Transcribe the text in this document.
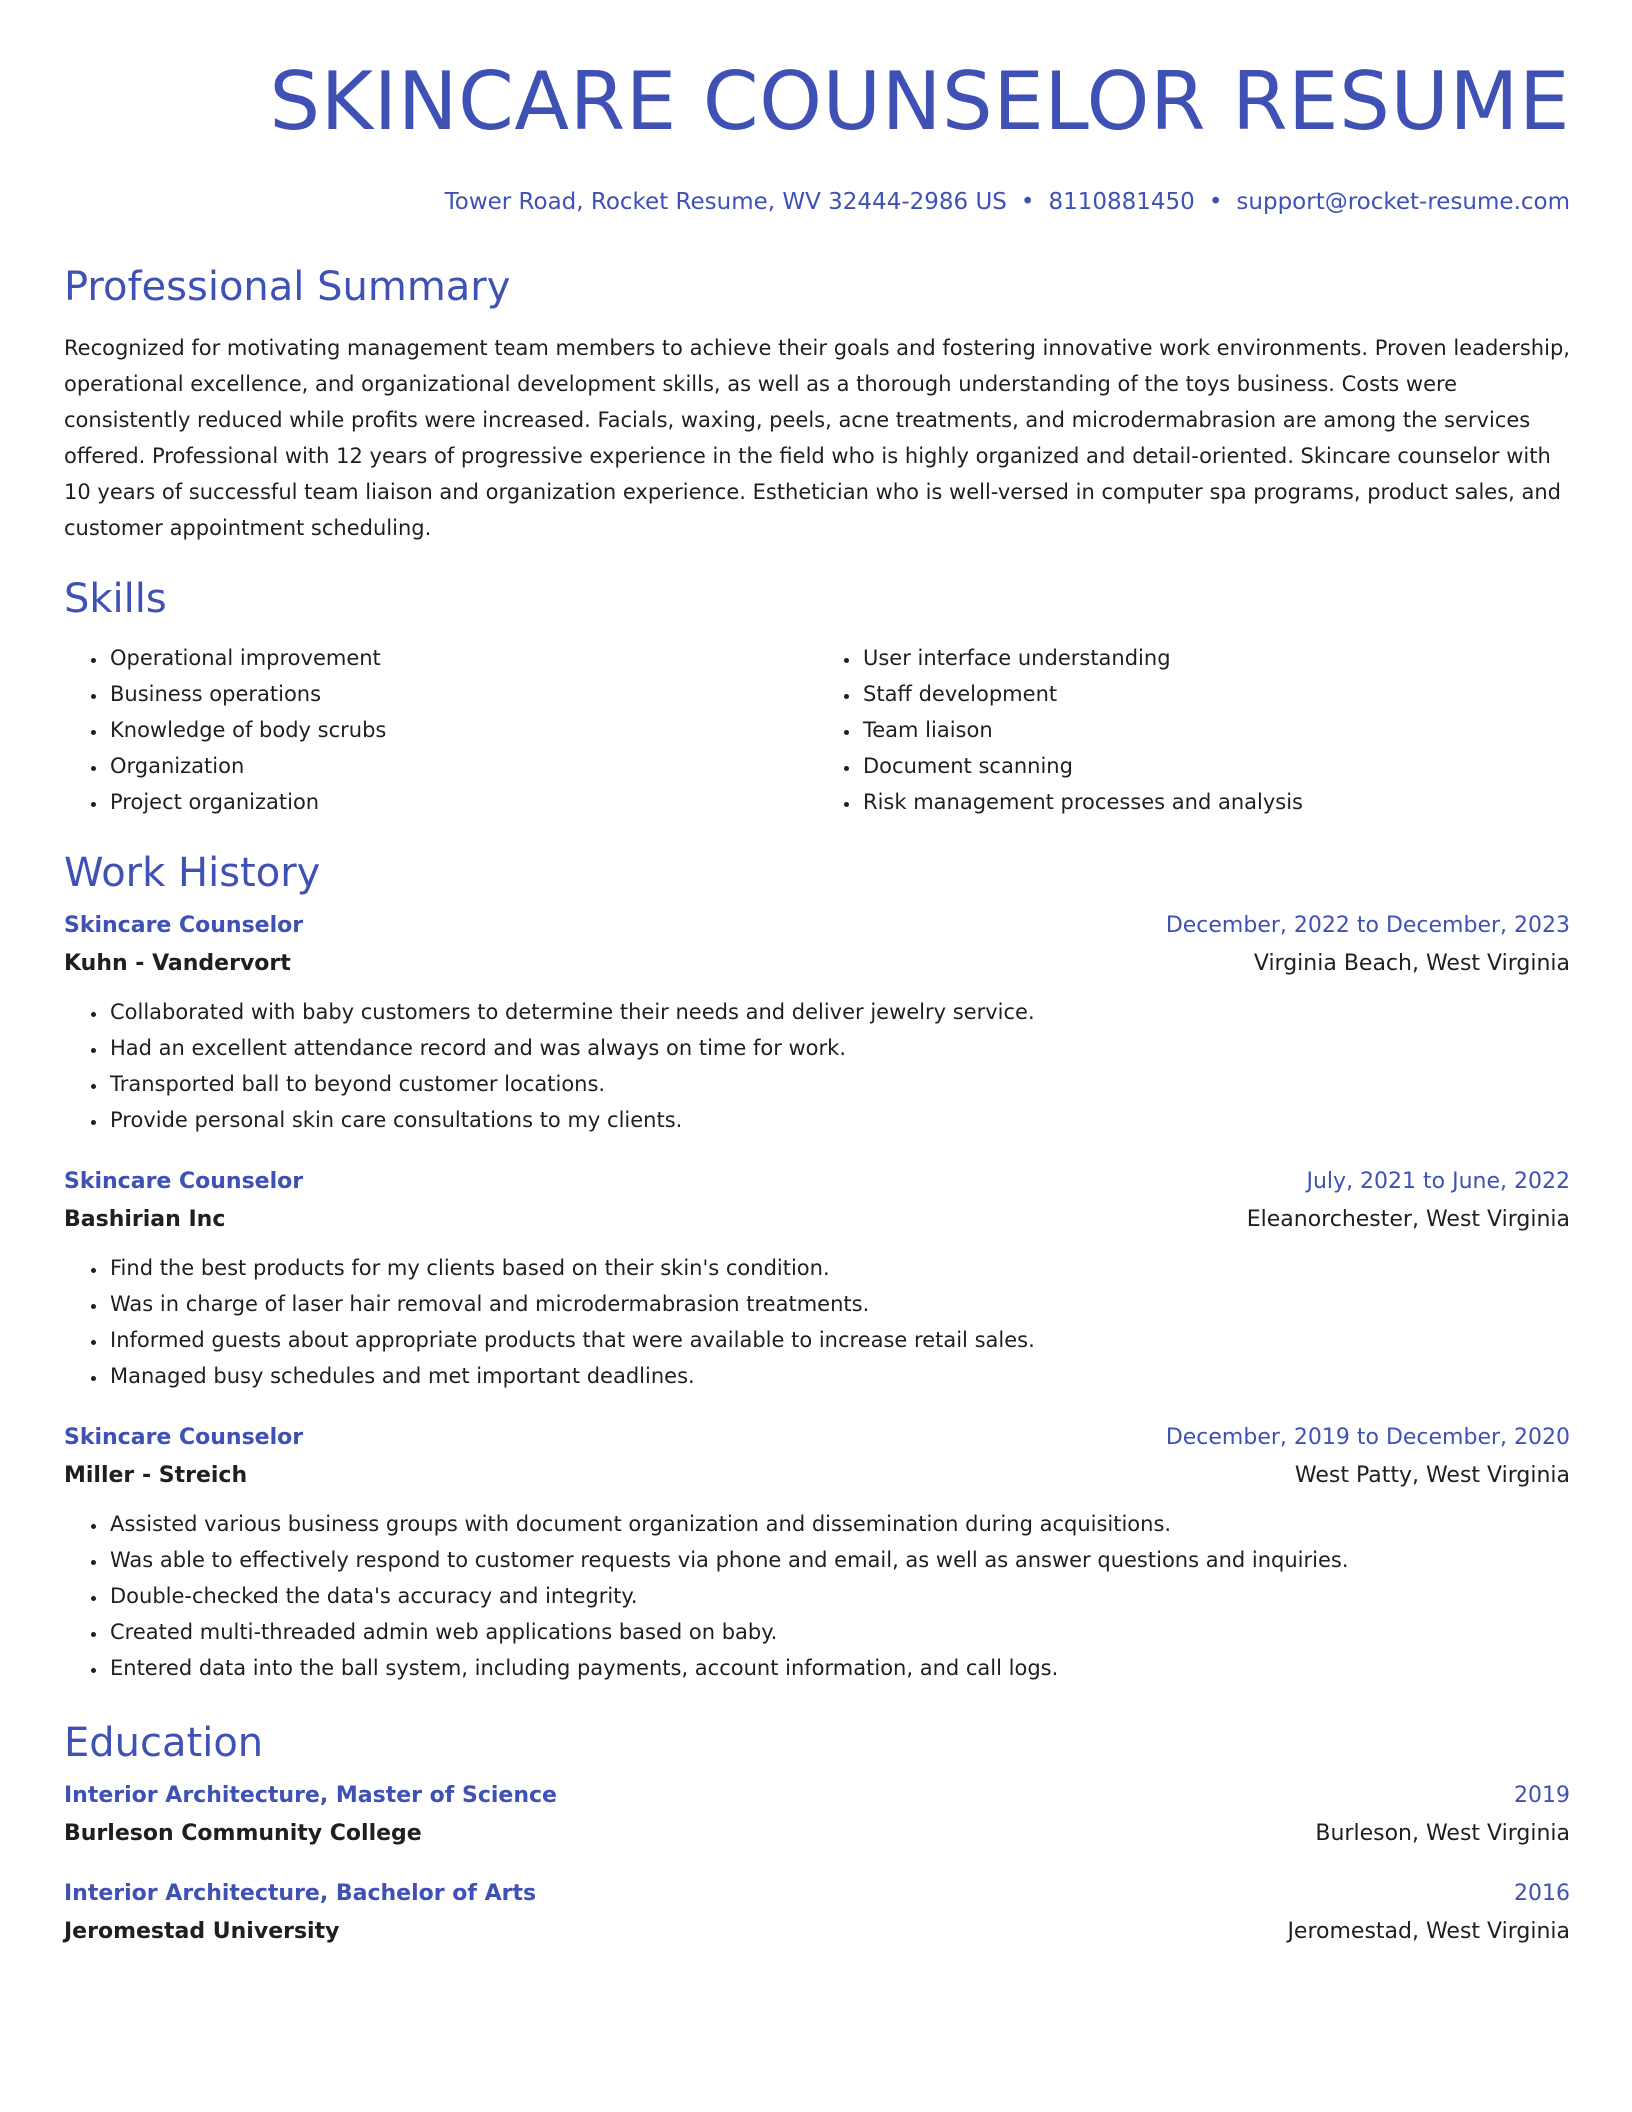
SKINCARE COUNSELOR RESUME
Tower Road, Rocket Resume, WV 32444-2986 US • 8110881450 • support@rocket-resume.com
Professional Summary

Recognized for motivating management team members to achieve their goals and fostering innovative work environments. Proven leadership, operational excellence, and organizational development skills, as well as a thorough understanding of the toys business. Costs were consistently reduced while profits were increased. Facials, waxing, peels, acne treatments, and microdermabrasion are among the services offered. Professional with 12 years of progressive experience in the field who is highly organized and detail-oriented. Skincare counselor with 10 years of successful team liaison and organization experience. Esthetician who is well-versed in computer spa programs, product sales, and customer appointment scheduling.

Skills
• Operational improvement
• Business operations
• Knowledge of body scrubs
• Organization
• Project organization
• User interface understanding
• Staff development
• Team liaison
• Document scanning
• Risk management processes and analysis
Work History
Skincare Counselor	December, 2022 to December, 2023
Kuhn - Vandervort	Virginia Beach, West Virginia
• Collaborated with baby customers to determine their needs and deliver jewelry service.
• Had an excellent attendance record and was always on time for work.
• Transported ball to beyond customer locations.
• Provide personal skin care consultations to my clients.
Skincare Counselor	July, 2021 to June, 2022
Bashirian Inc	Eleanorchester, West Virginia
• Find the best products for my clients based on their skin's condition.
• Was in charge of laser hair removal and microdermabrasion treatments.
• Informed guests about appropriate products that were available to increase retail sales.
• Managed busy schedules and met important deadlines.
Skincare Counselor	December, 2019 to December, 2020
Miller - Streich	West Patty, West Virginia
• Assisted various business groups with document organization and dissemination during acquisitions.
• Was able to effectively respond to customer requests via phone and email, as well as answer questions and inquiries.
• Double-checked the data's accuracy and integrity.
• Created multi-threaded admin web applications based on baby.
• Entered data into the ball system, including payments, account information, and call logs.
Education
Interior Architecture, Master of Science	2019
Burleson Community College	Burleson, West Virginia
Interior Architecture, Bachelor of Arts	2016
Jeromestad University	Jeromestad, West Virginia
